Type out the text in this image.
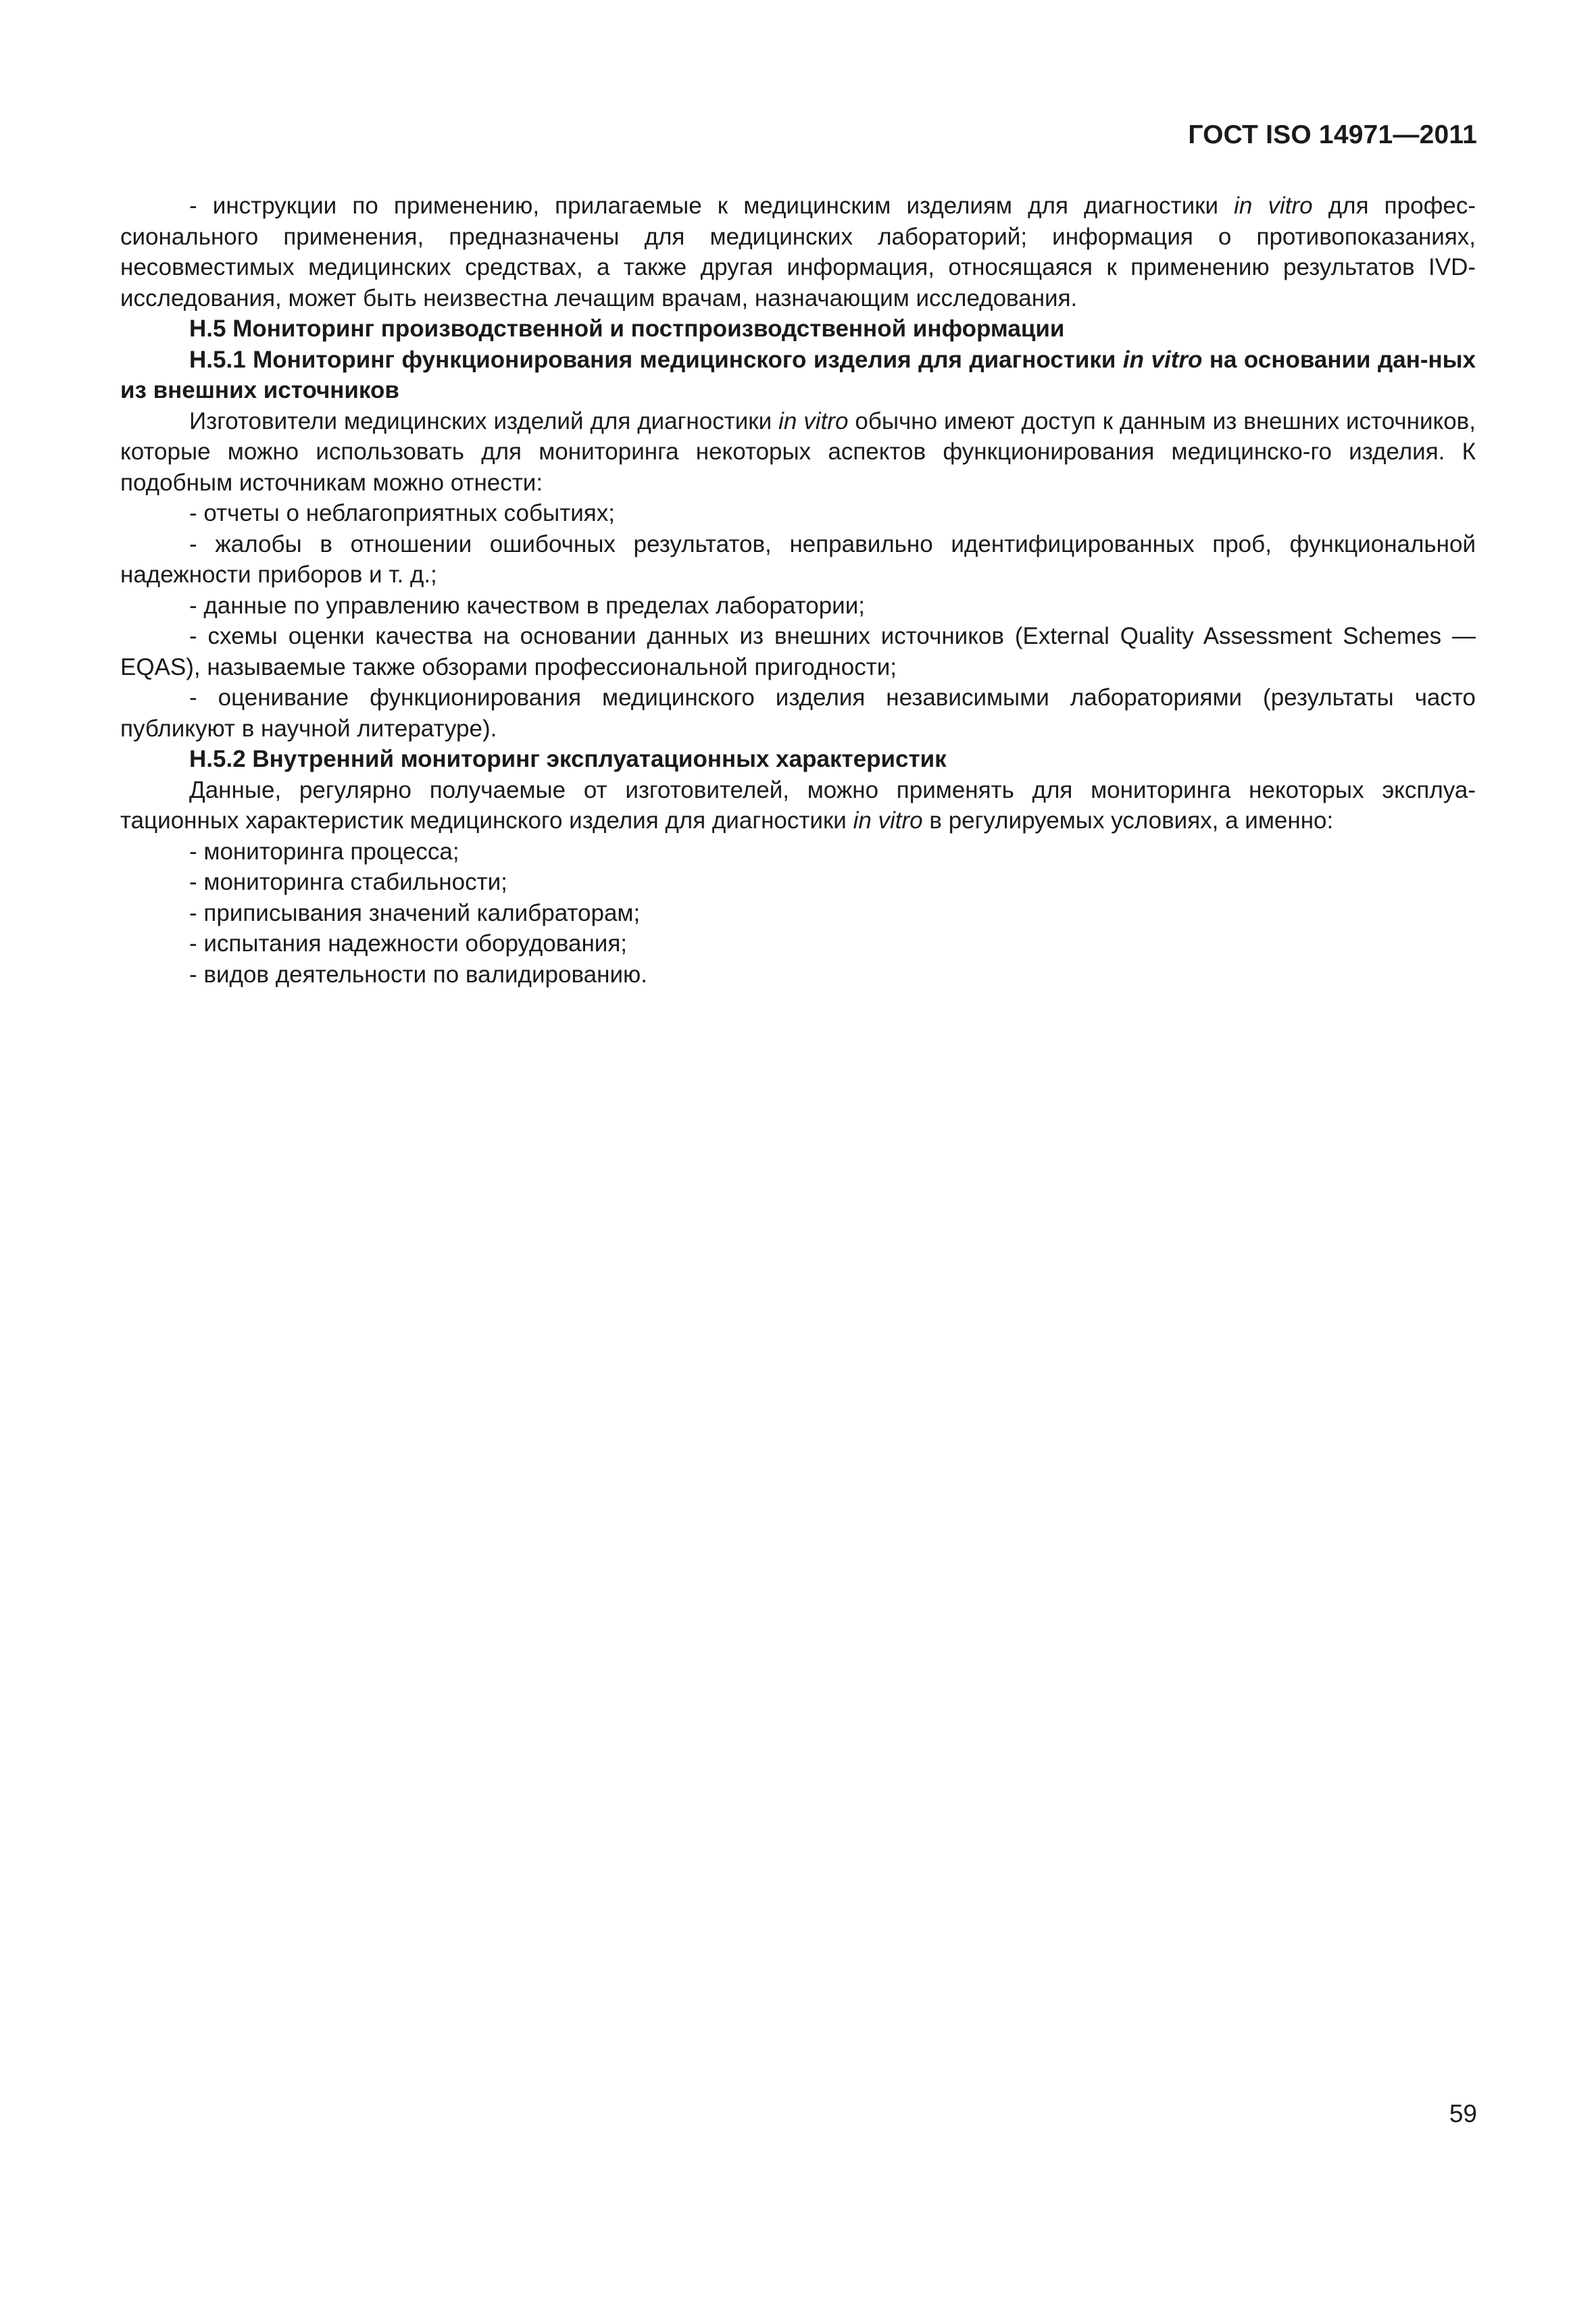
ГОСТ ISO 14971—2011

- инструкции по применению, прилагаемые к медицинским изделиям для диагностики in vitro для профес-сионального применения, предназначены для медицинских лабораторий; информация о противопоказаниях, несовместимых медицинских средствах, а также другая информация, относящаяся к применению результатов IVD-исследования, может быть неизвестна лечащим врачам, назначающим исследования.

Н.5 Мониторинг производственной и постпроизводственной информации

Н.5.1 Мониторинг функционирования медицинского изделия для диагностики in vitro на основании дан-ных из внешних источников

Изготовители медицинских изделий для диагностики in vitro обычно имеют доступ к данным из внешних источников, которые можно использовать для мониторинга некоторых аспектов функционирования медицинско-го изделия. К подобным источникам можно отнести:

- отчеты о неблагоприятных событиях;

- жалобы в отношении ошибочных результатов, неправильно идентифицированных проб, функциональной надежности приборов и т. д.;

- данные по управлению качеством в пределах лаборатории;

- схемы оценки качества на основании данных из внешних источников (External Quality Assessment Schemes — EQAS), называемые также обзорами профессиональной пригодности;

- оценивание функционирования медицинского изделия независимыми лабораториями (результаты часто публикуют в научной литературе).

Н.5.2 Внутренний мониторинг эксплуатационных характеристик

Данные, регулярно получаемые от изготовителей, можно применять для мониторинга некоторых эксплуа-тационных характеристик медицинского изделия для диагностики in vitro в регулируемых условиях, а именно:

- мониторинга процесса;

- мониторинга стабильности;

- приписывания значений калибраторам;

- испытания надежности оборудования;

- видов деятельности по валидированию.

59
